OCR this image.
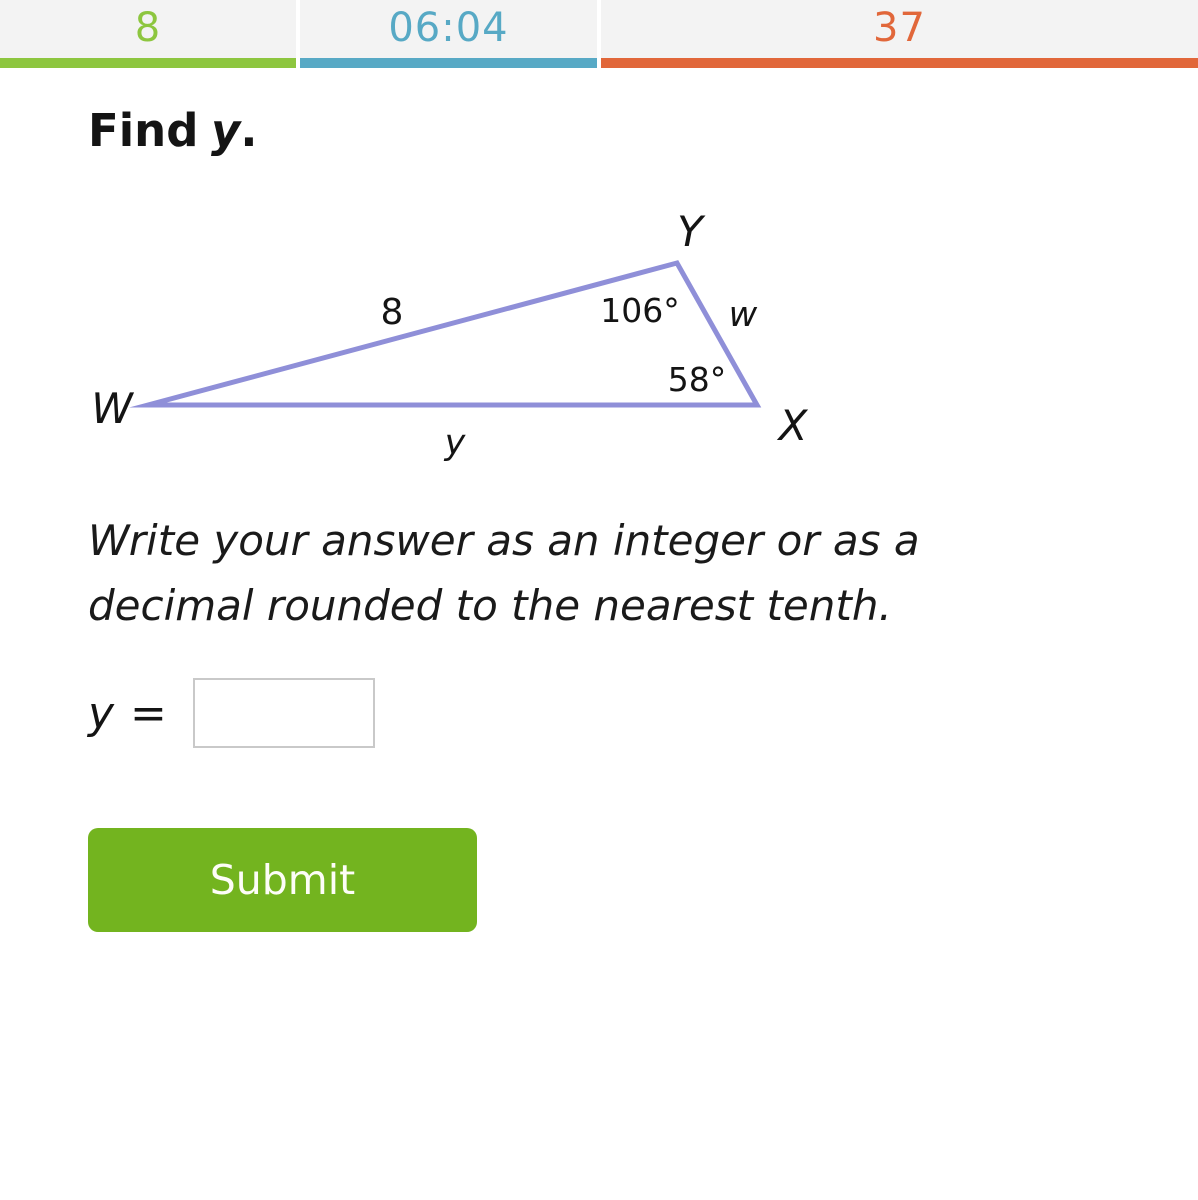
8	06:04	37
Find y.
W
Y
X
8	w
y
106°
58°
Write your answer as an integer or as a
decimal rounded to the nearest tenth.
y =
Submit
